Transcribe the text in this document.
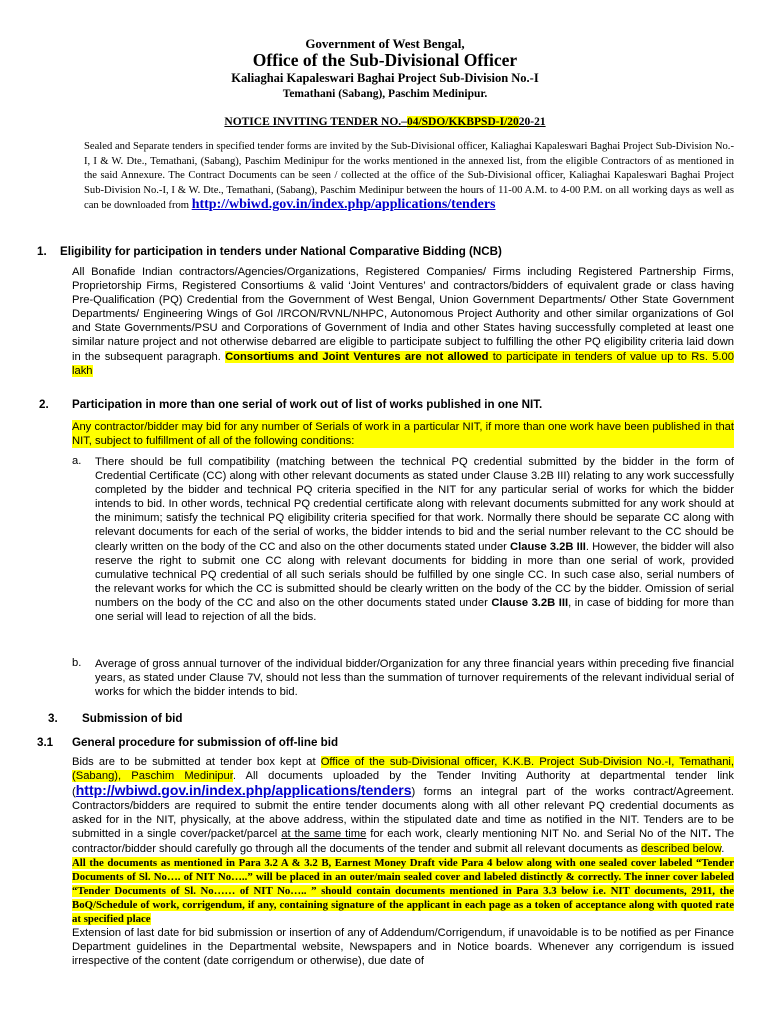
Government of West Bengal,
Office of the Sub-Divisional Officer
Kaliaghai Kapaleswari Baghai Project Sub-Division No.-I
Temathani (Sabang), Paschim Medinipur.
NOTICE INVITING TENDER NO.–04/SDO/KKBPSD-I/2020-21
Sealed and Separate tenders in specified tender forms are invited by the Sub-Divisional officer, Kaliaghai Kapaleswari Baghai Project Sub-Division No.-I, I & W. Dte., Temathani, (Sabang), Paschim Medinipur for the works mentioned in the annexed list, from the eligible Contractors of as mentioned in the said Annexure. The Contract Documents can be seen / collected at the office of the Sub-Divisional officer, Kaliaghai Kapaleswari Baghai Project Sub-Division No.-I, I & W. Dte., Temathani, (Sabang), Paschim Medinipur between the hours of 11-00 A.M. to 4-00 P.M. on all working days as well as can be downloaded from http://wbiwd.gov.in/index.php/applications/tenders
1. Eligibility for participation in tenders under National Comparative Bidding (NCB)
All Bonafide Indian contractors/Agencies/Organizations, Registered Companies/ Firms including Registered Partnership Firms, Proprietorship Firms, Registered Consortiums & valid ‘Joint Ventures’ and contractors/bidders of equivalent grade or class having Pre-Qualification (PQ) Credential from the Government of West Bengal, Union Government Departments/ Other State Government Departments/ Engineering Wings of GoI /IRCON/RVNL/NHPC, Autonomous Project Authority and other similar organizations of GoI and State Governments/PSU and Corporations of Government of India and other States having successfully completed at least one similar nature project and not otherwise debarred are eligible to participate subject to fulfilling the other PQ eligibility criteria laid down in the subsequent paragraph. Consortiums and Joint Ventures are not allowed to participate in tenders of value up to Rs. 5.00 lakh
2. Participation in more than one serial of work out of list of works published in one NIT.
Any contractor/bidder may bid for any number of Serials of work in a particular NIT, if more than one work have been published in that NIT, subject to fulfillment of all of the following conditions:
a. There should be full compatibility (matching between the technical PQ credential submitted by the bidder in the form of Credential Certificate (CC) along with other relevant documents as stated under Clause 3.2B III) relating to any work successfully completed by the bidder and technical PQ criteria specified in the NIT for any particular serial of works for which the bidder intends to bid. In other words, technical PQ credential certificate along with relevant documents submitted for any work should at the minimum; satisfy the technical PQ eligibility criteria specified for that work. Normally there should be separate CC along with relevant documents for each of the serial of works, the bidder intends to bid and the serial number relevant to the CC should be clearly written on the body of the CC and also on the other documents stated under Clause 3.2B III. However, the bidder will also reserve the right to submit one CC along with relevant documents for bidding in more than one serial of work, provided cumulative technical PQ credential of all such serials should be fulfilled by one single CC. In such case also, serial numbers of the relevant works for which the CC is submitted should be clearly written on the body of the CC by the bidder. Omission of serial numbers on the body of the CC and also on the other documents stated under Clause 3.2B III, in case of bidding for more than one serial will lead to rejection of all the bids.
b. Average of gross annual turnover of the individual bidder/Organization for any three financial years within preceding five financial years, as stated under Clause 7V, should not less than the summation of turnover requirements of the relevant individual serial of works for which the bidder intends to bid.
3. Submission of bid
3.1 General procedure for submission of off-line bid
Bids are to be submitted at tender box kept at Office of the sub-Divisional officer, K.K.B. Project Sub-Division No.-I, Temathani, (Sabang), Paschim Medinipur. All documents uploaded by the Tender Inviting Authority at departmental tender link (http://wbiwd.gov.in/index.php/applications/tenders) forms an integral part of the works contract/Agreement. Contractors/bidders are required to submit the entire tender documents along with all other relevant PQ credential documents as asked for in the NIT, physically, at the above address, within the stipulated date and time as notified in the NIT. Tenders are to be submitted in a single cover/packet/parcel at the same time for each work, clearly mentioning NIT No. and Serial No of the NIT. The contractor/bidder should carefully go through all the documents of the tender and submit all relevant documents as described below.
All the documents as mentioned in Para 3.2 A & 3.2 B, Earnest Money Draft vide Para 4 below along with one sealed cover labeled “Tender Documents of Sl. No…. of NIT No…..” will be placed in an outer/main sealed cover and labeled distinctly & correctly. The inner cover labeled “Tender Documents of Sl. No…… of NIT No….. ” should contain documents mentioned in Para 3.3 below i.e. NIT documents, 2911, the BoQ/Schedule of work, corrigendum, if any, containing signature of the applicant in each page as a token of acceptance along with quoted rate at specified place
Extension of last date for bid submission or insertion of any of Addendum/Corrigendum, if unavoidable is to be notified as per Finance Department guidelines in the Departmental website, Newspapers and in Notice boards. Whenever any corrigendum is issued irrespective of the content (date corrigendum or otherwise), due date of
